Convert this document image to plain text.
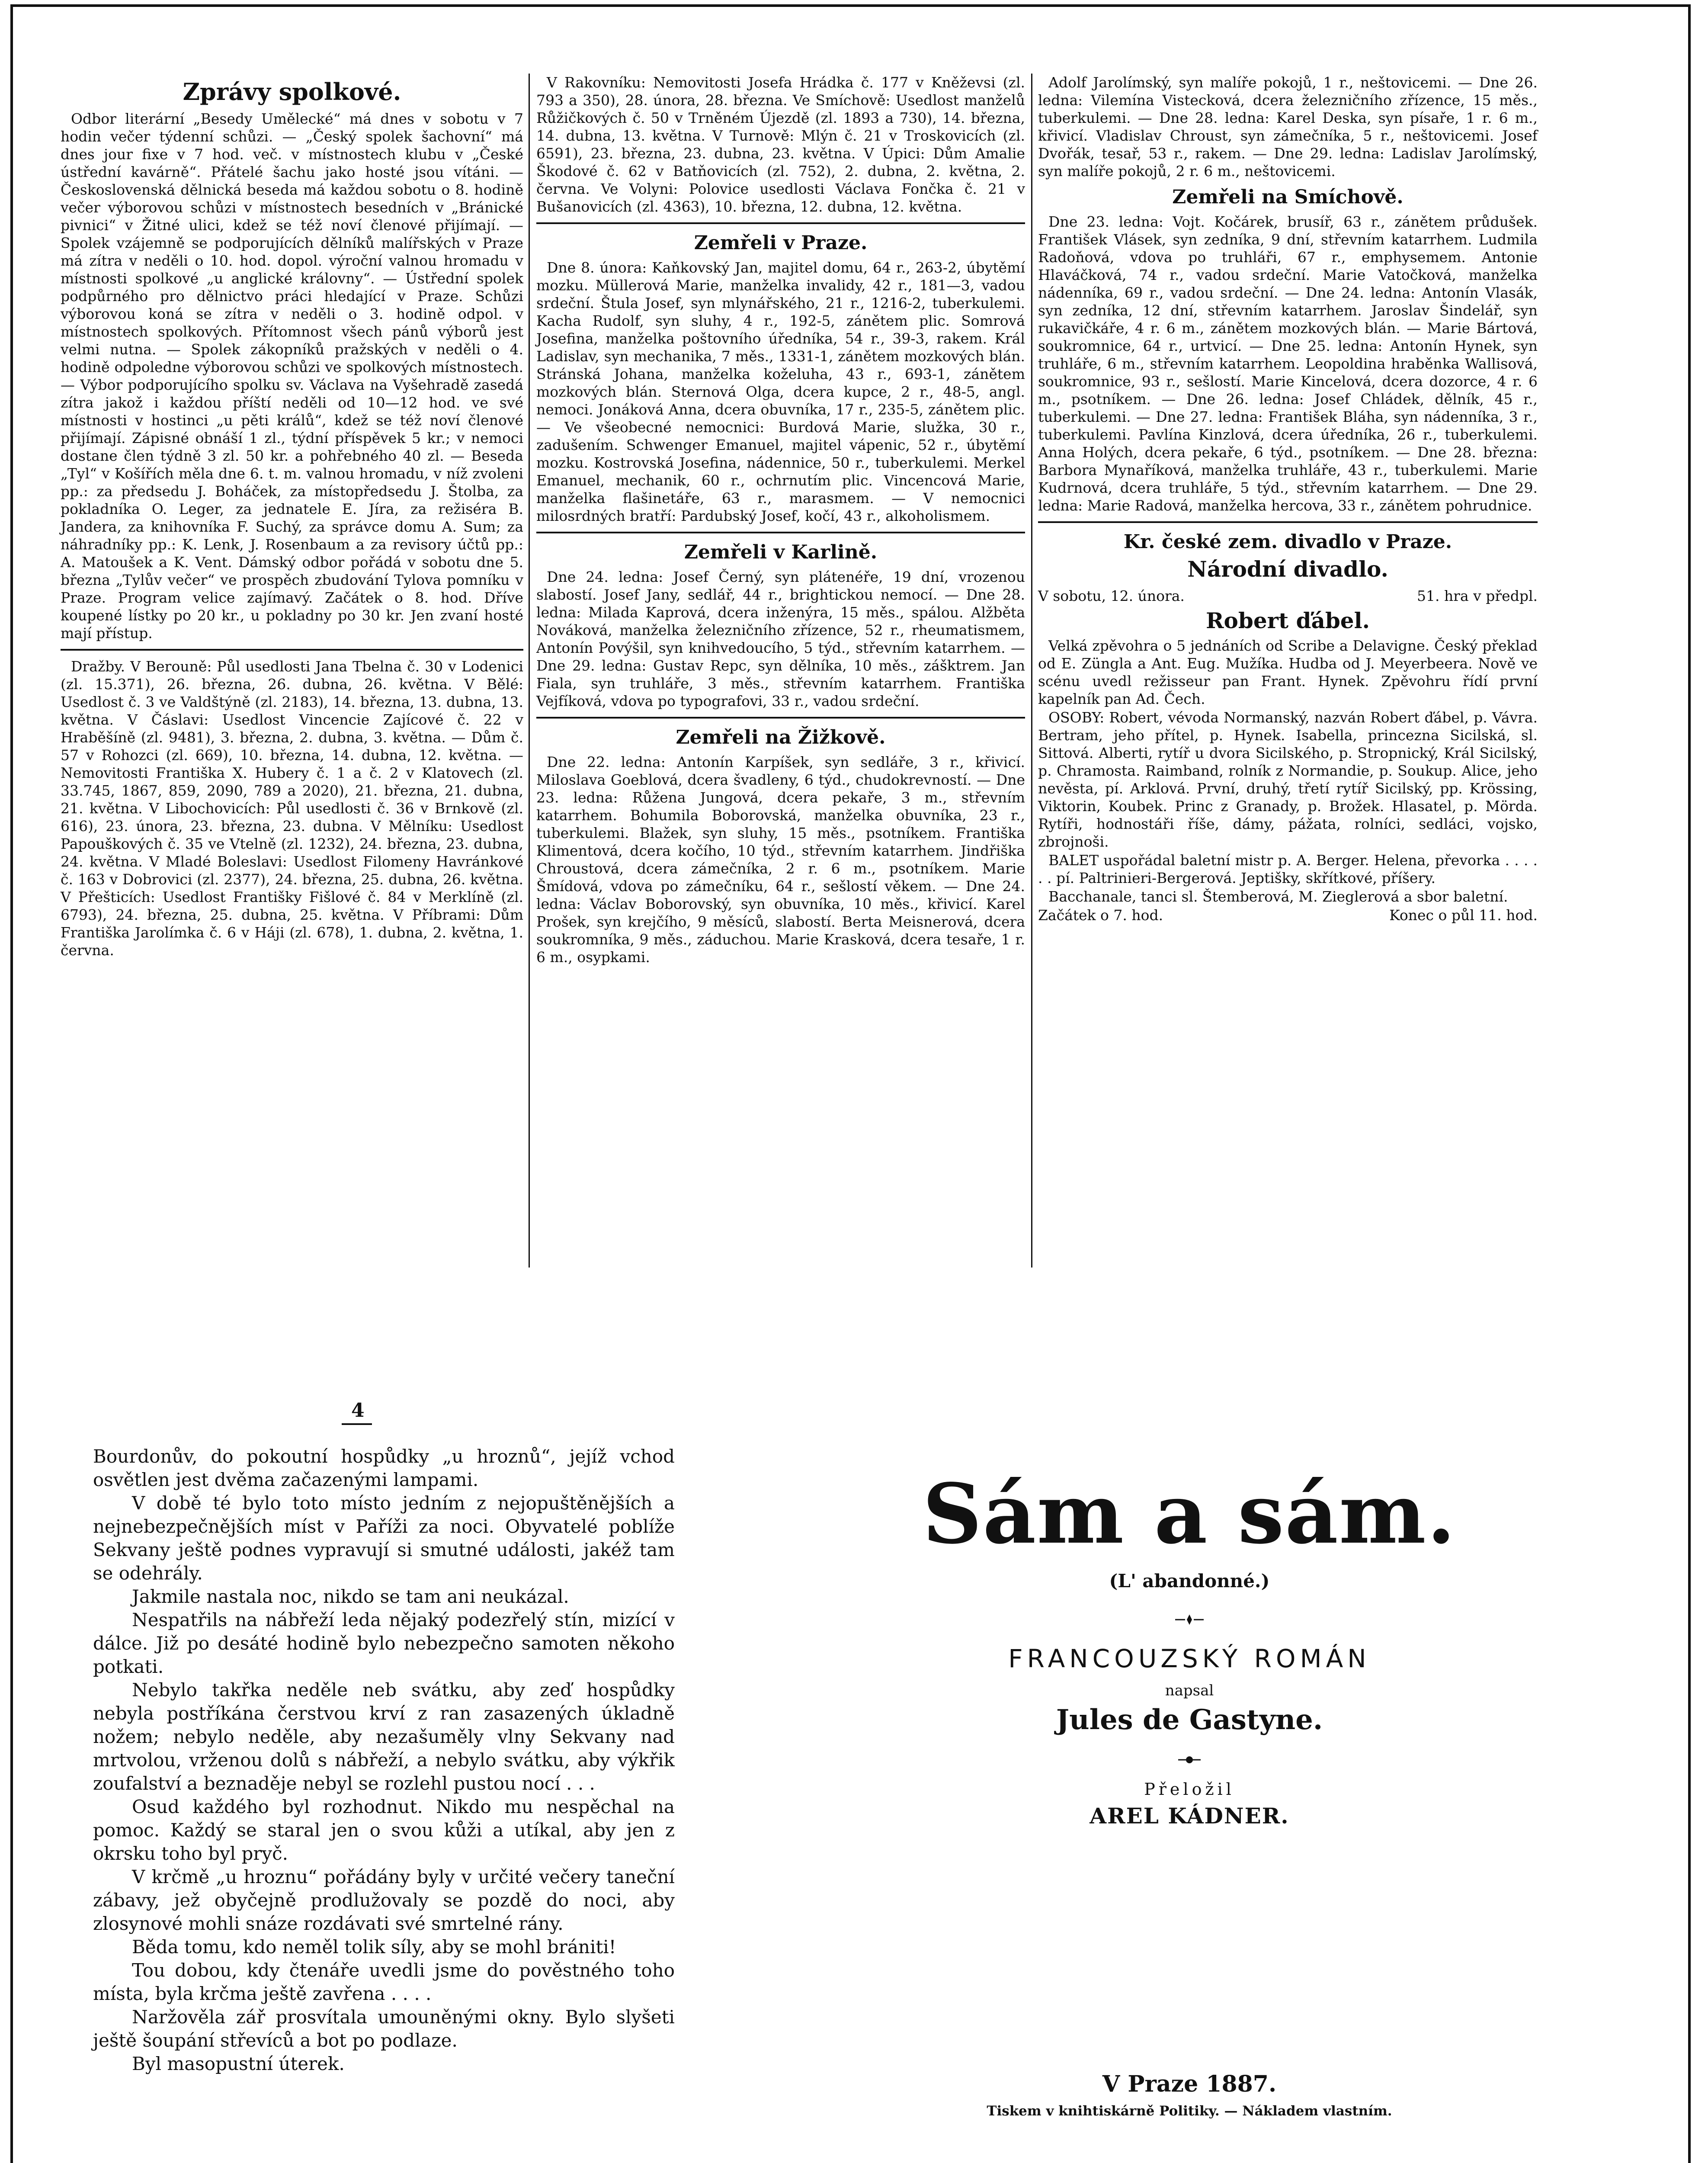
Zprávy spolkové.

Odbor literární „Besedy Umělecké“ má dnes v sobotu v 7 hodin večer týdenní schůzi. — „Český spolek šachovní“ má dnes jour fixe v 7 hod. več. v místnostech klubu v „České ústřední kavárně“. Přátelé šachu jako hosté jsou vítáni. — Československá dělnická beseda má každou sobotu o 8. hodině večer výborovou schůzi v místnostech besedních v „Bránické pivnici“ v Žitné ulici, kdež se též noví členové přijímají. — Spolek vzájemně se podporujících dělníků malířských v Praze má zítra v neděli o 10. hod. dopol. výroční valnou hromadu v místnosti spolkové „u anglické královny“. — Ústřední spolek podpůrného pro dělnictvo práci hledající v Praze. Schůzi výborovou koná se zítra v neděli o 3. hodině odpol. v místnostech spolkových. Přítomnost všech pánů výborů jest velmi nutna. — Spolek zákopníků pražských v neděli o 4. hodině odpoledne výborovou schůzi ve spolkových místnostech. — Výbor podporujícího spolku sv. Václava na Vyšehradě zasedá zítra jakož i každou příští neděli od 10—12 hod. ve své místnosti v hostinci „u pěti králů“, kdež se též noví členové přijímají. Zápisné obnáší 1 zl., týdní příspěvek 5 kr.; v nemoci dostane člen týdně 3 zl. 50 kr. a pohřebného 40 zl. — Beseda „Tyl“ v Košířích měla dne 6. t. m. valnou hromadu, v níž zvoleni pp.: za předsedu J. Boháček, za místopředsedu J. Štolba, za pokladníka O. Leger, za jednatele E. Jíra, za režiséra B. Jandera, za knihovníka F. Suchý, za správce domu A. Sum; za náhradníky pp.: K. Lenk, J. Rosenbaum a za revisory účtů pp.: A. Matoušek a K. Vent. Dámský odbor pořádá v sobotu dne 5. března „Tylův večer“ ve prospěch zbudování Tylova pomníku v Praze. Program velice zajímavý. Začátek o 8. hod. Dříve koupené lístky po 20 kr., u pokladny po 30 kr. Jen zvaní hosté mají přístup.

Dražby. V Berouně: Půl usedlosti Jana Tbelna č. 30 v Lodenici (zl. 15.371), 26. března, 26. dubna, 26. května. V Bělé: Usedlost č. 3 ve Valdštýně (zl. 2183), 14. března, 13. dubna, 13. května. V Čáslavi: Usedlost Vincencie Zajícové č. 22 v Hraběšíně (zl. 9481), 3. března, 2. dubna, 3. května. — Dům č. 57 v Rohozci (zl. 669), 10. března, 14. dubna, 12. května. — Nemovitosti Františka X. Hubery č. 1 a č. 2 v Klatovech (zl. 33.745, 1867, 859, 2090, 789 a 2020), 21. března, 21. dubna, 21. května. V Libochovicích: Půl usedlosti č. 36 v Brnkově (zl. 616), 23. února, 23. března, 23. dubna. V Mělníku: Usedlost Papouškových č. 35 ve Vtelně (zl. 1232), 24. března, 23. dubna, 24. května. V Mladé Boleslavi: Usedlost Filomeny Havránkové č. 163 v Dobrovici (zl. 2377), 24. března, 25. dubna, 26. května. V Přešticích: Usedlost Františky Fišlové č. 84 v Merklíně (zl. 6793), 24. března, 25. dubna, 25. května. V Příbrami: Dům Františka Jarolímka č. 6 v Háji (zl. 678), 1. dubna, 2. května, 1. června.

V Rakovníku: Nemovitosti Josefa Hrádka č. 177 v Kněževsi (zl. 793 a 350), 28. února, 28. března. Ve Smíchově: Usedlost manželů Růžičkových č. 50 v Trněném Újezdě (zl. 1893 a 730), 14. března, 14. dubna, 13. května. V Turnově: Mlýn č. 21 v Troskovicích (zl. 6591), 23. března, 23. dubna, 23. května. V Úpici: Dům Amalie Škodové č. 62 v Batňovicích (zl. 752), 2. dubna, 2. května, 2. června. Ve Volyni: Polovice usedlosti Václava Fončka č. 21 v Bušanovicích (zl. 4363), 10. března, 12. dubna, 12. května.

Zemřeli v Praze.

Dne 8. února: Kaňkovský Jan, majitel domu, 64 r., 263-2, úbytěmí mozku. Müllerová Marie, manželka invalidy, 42 r., 181—3, vadou srdeční. Štula Josef, syn mlynářského, 21 r., 1216-2, tuberkulemi. Kacha Rudolf, syn sluhy, 4 r., 192-5, zánětem plic. Somrová Josefina, manželka poštovního úředníka, 54 r., 39-3, rakem. Král Ladislav, syn mechanika, 7 měs., 1331-1, zánětem mozkových blán. Stránská Johana, manželka koželuha, 43 r., 693-1, zánětem mozkových blán. Sternová Olga, dcera kupce, 2 r., 48-5, angl. nemoci. Jonáková Anna, dcera obuvníka, 17 r., 235-5, zánětem plic. — Ve všeobecné nemocnici: Burdová Marie, služka, 30 r., zadušením. Schwenger Emanuel, majitel vápenic, 52 r., úbytěmí mozku. Kostrovská Josefina, nádennice, 50 r., tuberkulemi. Merkel Emanuel, mechanik, 60 r., ochrnutím plic. Vincencová Marie, manželka flašinetáře, 63 r., marasmem. — V nemocnici milosrdných bratří: Pardubský Josef, kočí, 43 r., alkoholismem.

Zemřeli v Karlině.

Dne 24. ledna: Josef Černý, syn plátenéře, 19 dní, vrozenou slabostí. Josef Jany, sedlář, 44 r., brightickou nemocí. — Dne 28. ledna: Milada Kaprová, dcera inženýra, 15 měs., spálou. Alžběta Nováková, manželka železničního zřízence, 52 r., rheumatismem, Antonín Povýšil, syn knihvedoucího, 5 týd., střevním katarrhem. — Dne 29. ledna: Gustav Repc, syn dělníka, 10 měs., zášktrem. Jan Fiala, syn truhláře, 3 měs., střevním katarrhem. Františka Vejfíková, vdova po typografovi, 33 r., vadou srdeční.

Zemřeli na Žižkově.

Dne 22. ledna: Antonín Karpíšek, syn sedláře, 3 r., křivicí. Miloslava Goeblová, dcera švadleny, 6 týd., chudokrevností. — Dne 23. ledna: Růžena Jungová, dcera pekaře, 3 m., střevním katarrhem. Bohumila Boborovská, manželka obuvníka, 23 r., tuberkulemi. Blažek, syn sluhy, 15 měs., psotníkem. Františka Klimentová, dcera kočího, 10 týd., střevním katarrhem. Jindřiška Chroustová, dcera zámečníka, 2 r. 6 m., psotníkem. Marie Šmídová, vdova po zámečníku, 64 r., sešlostí věkem. — Dne 24. ledna: Václav Boborovský, syn obuvníka, 10 měs., křivicí. Karel Prošek, syn krejčího, 9 měsíců, slabostí. Berta Meisnerová, dcera soukromníka, 9 měs., záduchou. Marie Krasková, dcera tesaře, 1 r. 6 m., osypkami.

Adolf Jarolímský, syn malíře pokojů, 1 r., neštovicemi. — Dne 26. ledna: Vilemína Vistecková, dcera železničního zřízence, 15 měs., tuberkulemi. — Dne 28. ledna: Karel Deska, syn písaře, 1 r. 6 m., křivicí. Vladislav Chroust, syn zámečníka, 5 r., neštovicemi. Josef Dvořák, tesař, 53 r., rakem. — Dne 29. ledna: Ladislav Jarolímský, syn malíře pokojů, 2 r. 6 m., neštovicemi.

Zemřeli na Smíchově.

Dne 23. ledna: Vojt. Kočárek, brusíř, 63 r., zánětem průdušek. František Vlásek, syn zedníka, 9 dní, střevním katarrhem. Ludmila Radoňová, vdova po truhláři, 67 r., emphysemem. Antonie Hlaváčková, 74 r., vadou srdeční. Marie Vatočková, manželka nádenníka, 69 r., vadou srdeční. — Dne 24. ledna: Antonín Vlasák, syn zedníka, 12 dní, střevním katarrhem. Jaroslav Šindelář, syn rukavičkáře, 4 r. 6 m., zánětem mozkových blán. — Marie Bártová, soukromnice, 64 r., urtvicí. — Dne 25. ledna: Antonín Hynek, syn truhláře, 6 m., střevním katarrhem. Leopoldina hraběnka Wallisová, soukromnice, 93 r., sešlostí. Marie Kincelová, dcera dozorce, 4 r. 6 m., psotníkem. — Dne 26. ledna: Josef Chládek, dělník, 45 r., tuberkulemi. — Dne 27. ledna: František Bláha, syn nádenníka, 3 r., tuberkulemi. Pavlína Kinzlová, dcera úředníka, 26 r., tuberkulemi. Anna Holých, dcera pekaře, 6 týd., psotníkem. — Dne 28. března: Barbora Mynaříková, manželka truhláře, 43 r., tuberkulemi. Marie Kudrnová, dcera truhláře, 5 týd., střevním katarrhem. — Dne 29. ledna: Marie Radová, manželka hercova, 33 r., zánětem pohrudnice.

Kr. české zem. divadlo v Praze.
Národní divadlo.
V sobotu, 12. února.	51. hra v předpl.
Robert ďábel.

Velká zpěvohra o 5 jednáních od Scribe a Delavigne. Český překlad od E. Züngla a Ant. Eug. Mužíka. Hudba od J. Meyerbeera. Nově ve scénu uvedl režisseur pan Frant. Hynek. Zpěvohru řídí první kapelník pan Ad. Čech.

OSOBY: Robert, vévoda Normanský, nazván Robert ďábel, p. Vávra. Bertram, jeho přítel, p. Hynek. Isabella, princezna Sicilská, sl. Sittová. Alberti, rytíř u dvora Sicilského, p. Stropnický, Král Sicilský, p. Chramosta. Raimband, rolník z Normandie, p. Soukup. Alice, jeho nevěsta, pí. Arklová. První, druhý, třetí rytíř Sicilský, pp. Krössing, Viktorin, Koubek. Princ z Granady, p. Brožek. Hlasatel, p. Mörda. Rytíři, hodnostáři říše, dámy, pážata, rolníci, sedláci, vojsko, zbrojnoši.

BALET uspořádal baletní mistr p. A. Berger. Helena, převorka . . . . . . pí. Paltrinieri-Bergerová. Jeptišky, skřítkové, příšery.

Bacchanale, tanci sl. Štemberová, M. Zieglerová a sbor baletní.

Začátek o 7. hod.	Konec o půl 11. hod.
4

Bourdonův, do pokoutní hospůdky „u hroznů“, jejíž vchod osvětlen jest dvěma začazenými lampami.

V době té bylo toto místo jedním z nejopuštěnějších a nejnebezpečnějších míst v Paříži za noci. Obyvatelé poblíže Sekvany ještě podnes vypravují si smutné události, jakéž tam se odehrály.

Jakmile nastala noc, nikdo se tam ani neukázal.

Nespatřils na nábřeží leda nějaký podezřelý stín, mizící v dálce. Již po desáté hodině bylo nebezpečno samoten někoho potkati.

Nebylo takřka neděle neb svátku, aby zeď hospůdky nebyla postříkána čerstvou krví z ran zasazených úkladně nožem; nebylo neděle, aby nezašuměly vlny Sekvany nad mrtvolou, vrženou dolů s nábřeží, a nebylo svátku, aby výkřik zoufalství a beznaděje nebyl se rozlehl pustou nocí . . .

Osud každého byl rozhodnut. Nikdo mu nespěchal na pomoc. Každý se staral jen o svou kůži a utíkal, aby jen z okrsku toho byl pryč.

V krčmě „u hroznu“ pořádány byly v určité večery taneční zábavy, jež obyčejně prodlužovaly se pozdě do noci, aby zlosynové mohli snáze rozdávati své smrtelné rány.

Běda tomu, kdo neměl tolik síly, aby se mohl brániti!

Tou dobou, kdy čtenáře uvedli jsme do pověstného toho místa, byla krčma ještě zavřena . . . .

Naržověla zář prosvítala umouněnými okny. Bylo slyšeti ještě šoupání střevíců a bot po podlaze.

Byl masopustní úterek.

Sám a sám.
(L' abandonné.)
FRANCOUZSKÝ ROMÁN
napsal
Jules de Gastyne.
Přeložil
AREL KÁDNER.
V Praze 1887.
Tiskem v knihtiskárně Politiky. — Nákladem vlastním.
